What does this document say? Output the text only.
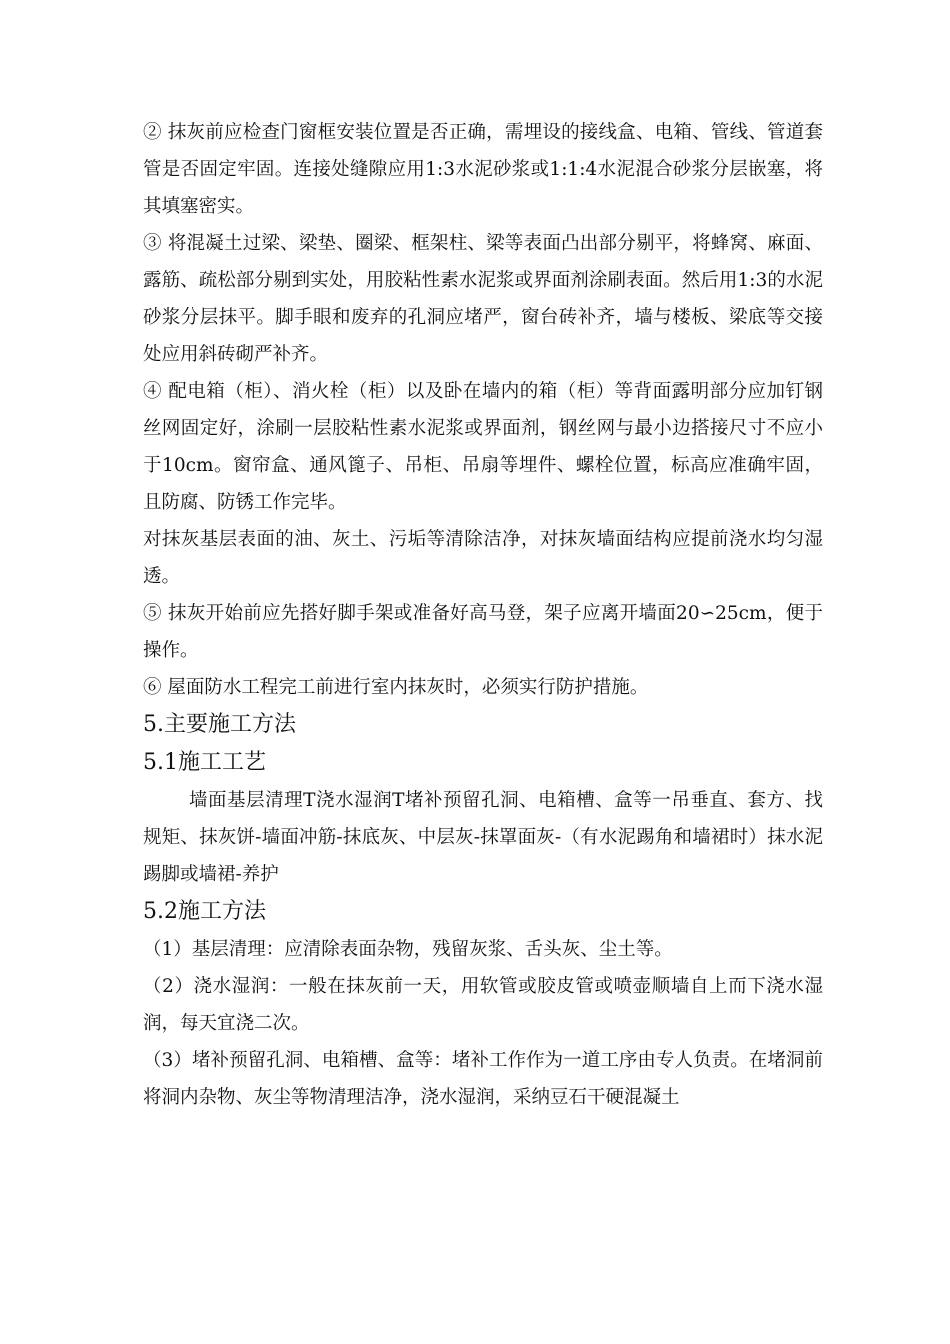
② 抹灰前应检查门窗框安装位置是否正确，需埋设的接线盒、电箱、管线、管道套管是否固定牢固。连接处缝隙应用1:3水泥砂浆或1:1:4水泥混合砂浆分层嵌塞，将其填塞密实。

③ 将混凝土过梁、梁垫、圈梁、框架柱、梁等表面凸出部分剔平，将蜂窝、麻面、露筋、疏松部分剔到实处，用胶粘性素水泥浆或界面剂涂刷表面。然后用1:3的水泥砂浆分层抹平。脚手眼和废弃的孔洞应堵严，窗台砖补齐，墙与楼板、梁底等交接处应用斜砖砌严补齐。

④ 配电箱（柜）、消火栓（柜）以及卧在墙内的箱（柜）等背面露明部分应加钉钢丝网固定好，涂刷一层胶粘性素水泥浆或界面剂，钢丝网与最小边搭接尺寸不应小于10cm。窗帘盒、通风篦子、吊柜、吊扇等埋件、螺栓位置，标高应准确牢固，且防腐、防锈工作完毕。

对抹灰基层表面的油、灰土、污垢等清除洁净，对抹灰墙面结构应提前浇水均匀湿透。

⑤ 抹灰开始前应先搭好脚手架或准备好高马登，架子应离开墙面20∽25cm，便于操作。

⑥ 屋面防水工程完工前进行室内抹灰时，必须实行防护措施。

5.主要施工方法
5.1施工工艺

墙面基层清理T浇水湿润T堵补预留孔洞、电箱槽、盒等一吊垂直、套方、找规矩、抹灰饼-墙面冲筋-抹底灰、中层灰-抹罩面灰-（有水泥踢角和墙裙时）抹水泥踢脚或墙裙-养护

5.2施工方法

（1）基层清理：应清除表面杂物，残留灰浆、舌头灰、尘土等。

（2）浇水湿润：一般在抹灰前一天，用软管或胶皮管或喷壶顺墙自上而下浇水湿润，每天宜浇二次。

（3）堵补预留孔洞、电箱槽、盒等：堵补工作作为一道工序由专人负责。在堵洞前将洞内杂物、灰尘等物清理洁净，浇水湿润，采纳豆石干硬混凝土
